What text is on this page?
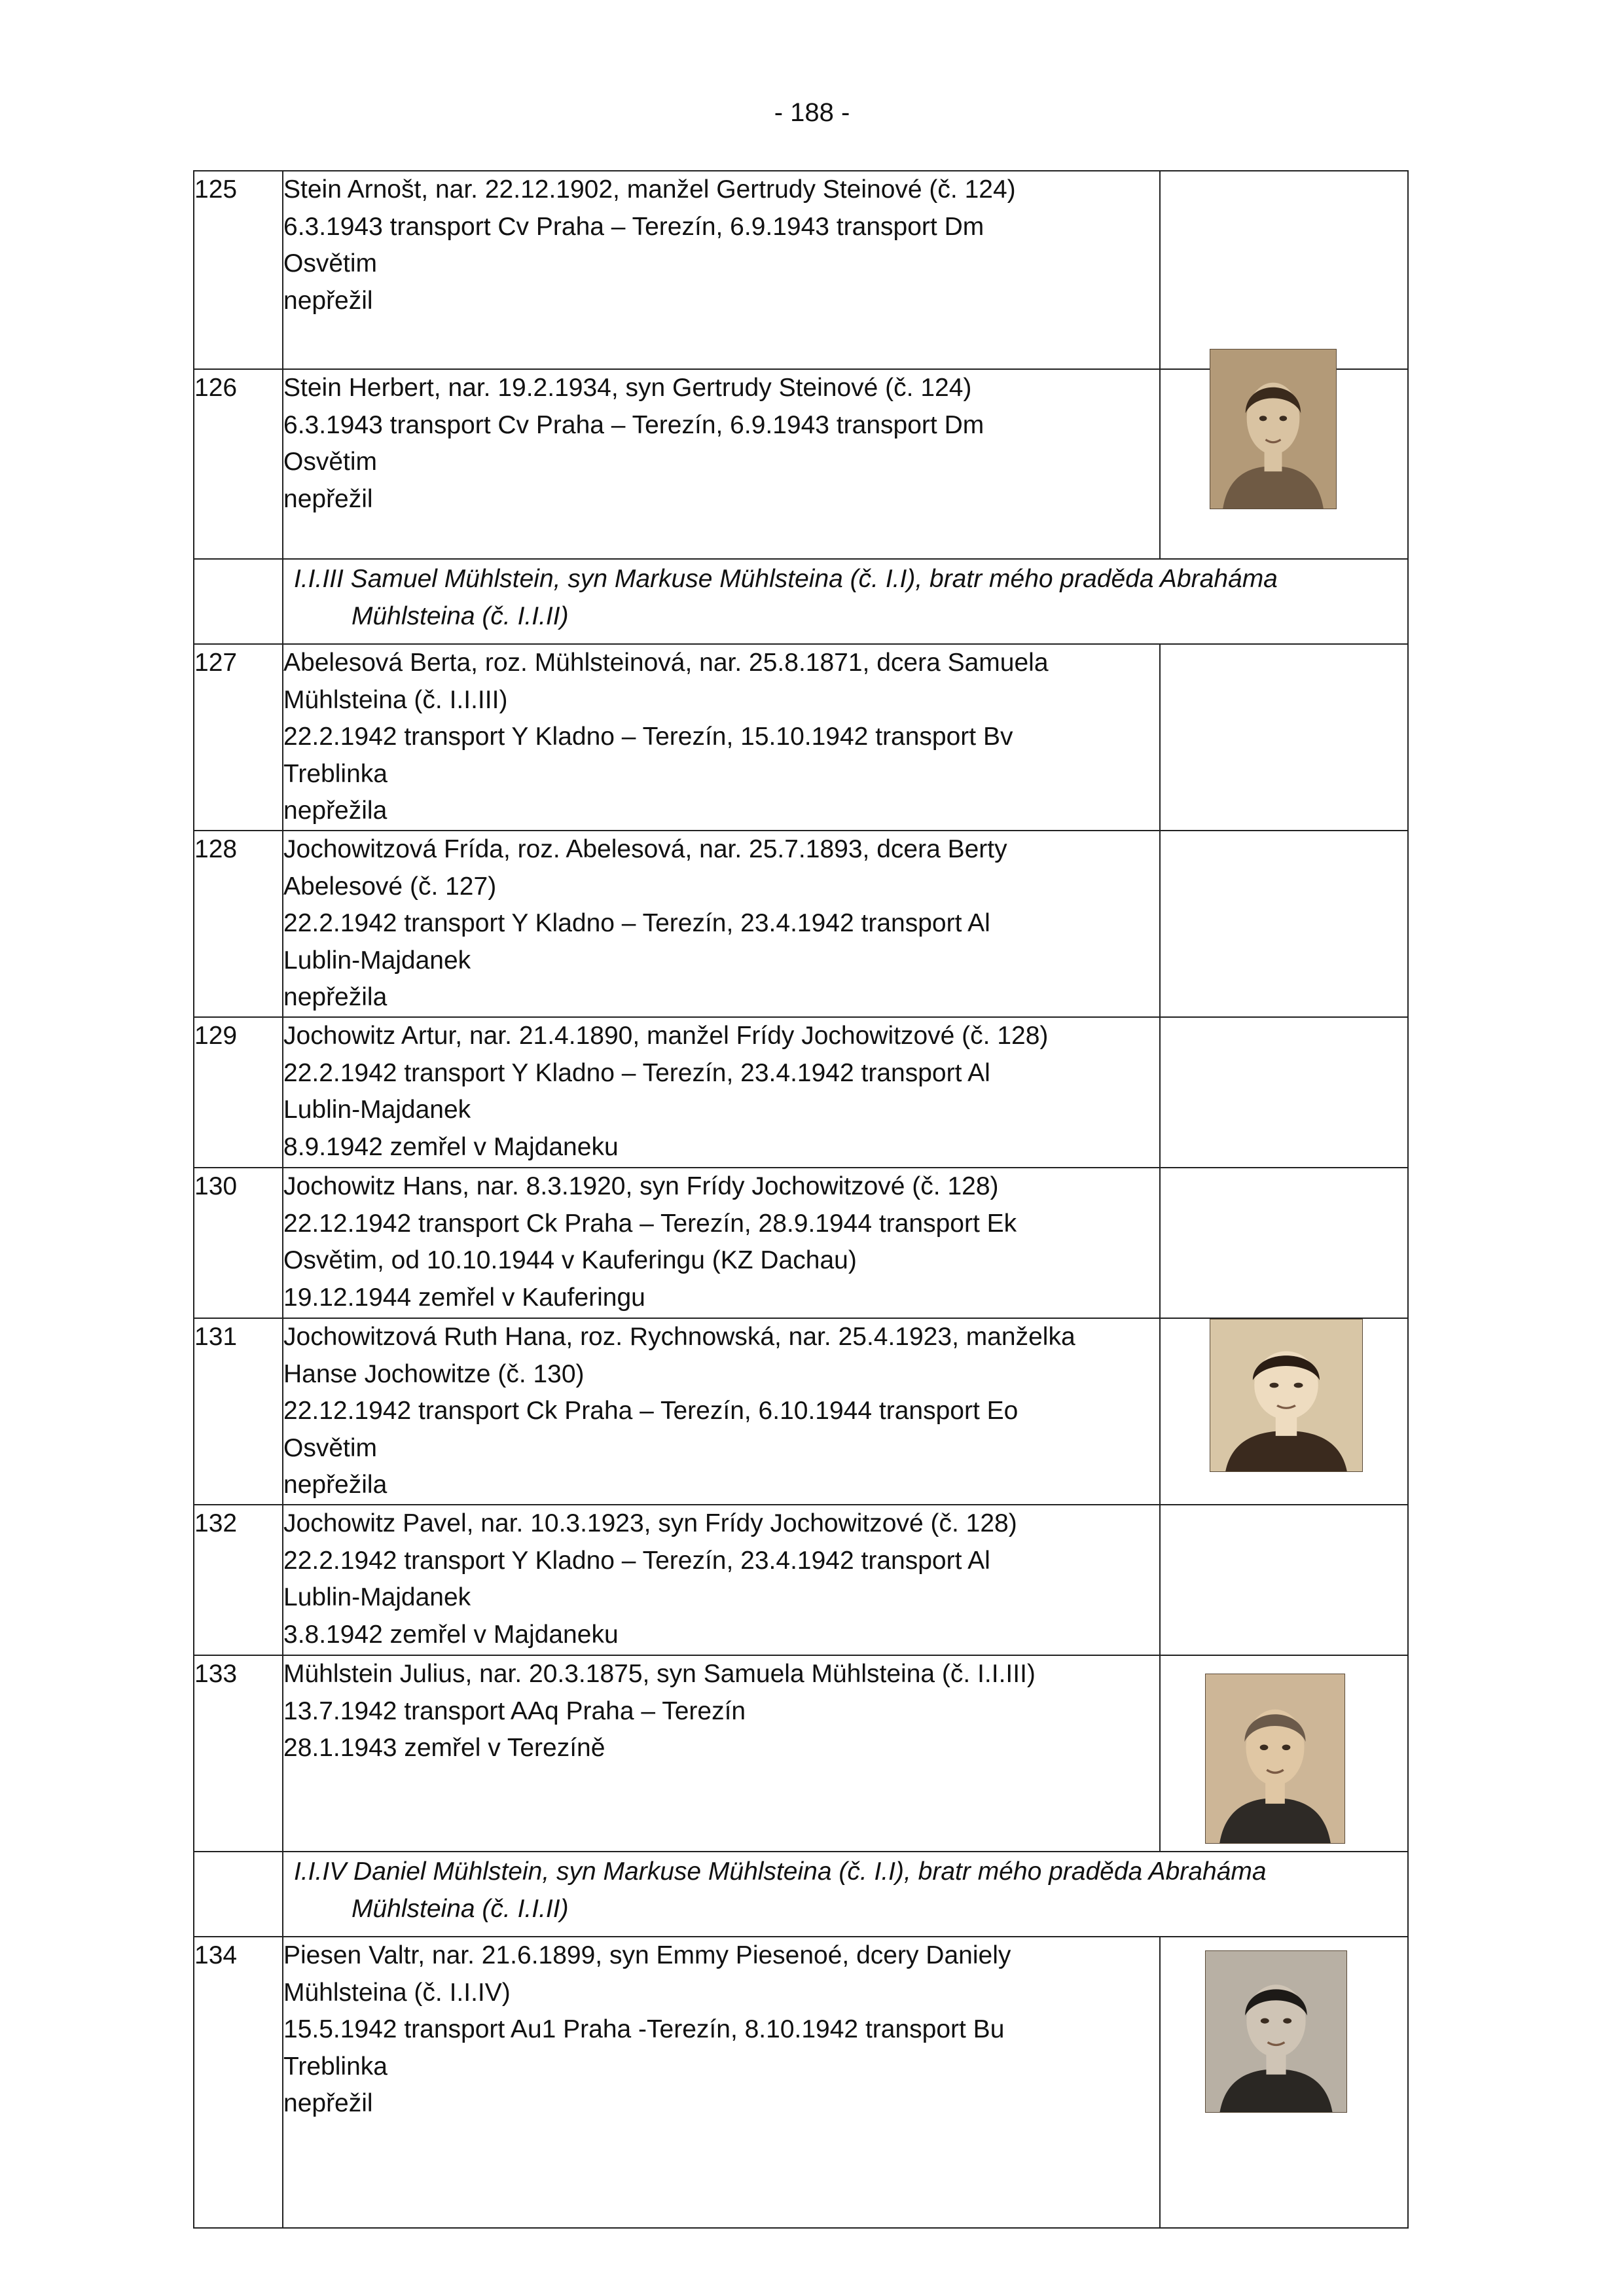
- 188 -
125	Stein Arnošt, nar. 22.12.1902, manžel Gertrudy Steinové (č. 124)
6.3.1943 transport Cv Praha – Terezín, 6.9.1943 transport Dm
Osvětim
nepřežil	

126	Stein Herbert, nar. 19.2.1934, syn Gertrudy Steinové (č. 124)
6.3.1943 transport Cv Praha – Terezín, 6.9.1943 transport Dm
Osvětim
nepřežil

	I.I.III Samuel Mühlstein, syn Markuse Mühlsteina (č. I.I), bratr mého praděda Abraháma
Mühlsteina (č. I.I.II)	

127	Abelesová Berta, roz. Mühlsteinová, nar. 25.8.1871, dcera Samuela
Mühlsteina (č. I.I.III)
22.2.1942 transport Y Kladno – Terezín, 15.10.1942 transport Bv
Treblinka
nepřežila	

128	Jochowitzová Frída, roz. Abelesová, nar. 25.7.1893, dcera Berty
Abelesové (č. 127)
22.2.1942 transport Y Kladno – Terezín, 23.4.1942 transport Al
Lublin-Majdanek
nepřežila	

129	Jochowitz Artur, nar. 21.4.1890, manžel Frídy Jochowitzové (č. 128)
22.2.1942 transport Y Kladno – Terezín, 23.4.1942 transport Al
Lublin-Majdanek
8.9.1942 zemřel v Majdaneku	

130	Jochowitz Hans, nar. 8.3.1920, syn Frídy Jochowitzové (č. 128)
22.12.1942 transport Ck Praha – Terezín, 28.9.1944 transport Ek
Osvětim, od 10.10.1944 v Kauferingu (KZ Dachau)
19.12.1944 zemřel v Kauferingu	

131	Jochowitzová Ruth Hana, roz. Rychnowská, nar. 25.4.1923, manželka
Hanse Jochowitze (č. 130)
22.12.1942 transport Ck Praha – Terezín, 6.10.1944 transport Eo
Osvětim
nepřežila

132	Jochowitz Pavel, nar. 10.3.1923, syn Frídy Jochowitzové (č. 128)
22.2.1942 transport Y Kladno – Terezín, 23.4.1942 transport Al
Lublin-Majdanek
3.8.1942 zemřel v Majdaneku	

133	Mühlstein Julius, nar. 20.3.1875, syn Samuela Mühlsteina (č. I.I.III)
13.7.1942 transport AAq Praha – Terezín
28.1.1943 zemřel v Terezíně

	I.I.IV Daniel Mühlstein, syn Markuse Mühlsteina (č. I.I), bratr mého praděda Abraháma
Mühlsteina (č. I.I.II)	

134	Piesen Valtr, nar. 21.6.1899, syn Emmy Piesenoé, dcery Daniely
Mühlsteina (č. I.I.IV)
15.5.1942 transport Au1 Praha -Terezín, 8.10.1942 transport Bu
Treblinka
nepřežil
